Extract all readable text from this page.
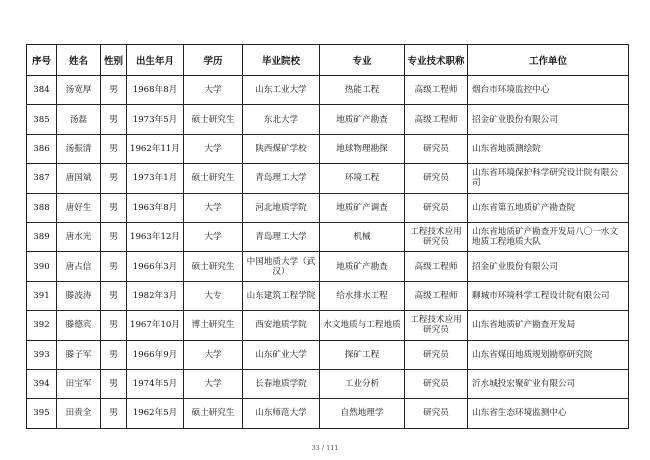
序号	姓名	性别	出生年月	学历	毕业院校	专业	专业技术职称	工作单位
384	汤宽厚	男	1968年8月	大学	山东工业大学	热能工程	高级工程师	烟台市环境监控中心
385	汤磊	男	1973年5月	硕士研究生	东北大学	地质矿产勘查	高级工程师	招金矿业股份有限公司
386	汤振清	男	1962年11月	大学	陕西煤矿学校	地球物理勘探	研究员	山东省地质测绘院
387	唐国斌	男	1973年1月	硕士研究生	青岛理工大学	环境工程	研究员	山东省环境保护科学研究设计院有限公司
388	唐好生	男	1963年8月	大学	河北地质学院	地质矿产调查	研究员	山东省第五地质矿产勘查院
389	唐水光	男	1963年12月	大学	青岛理工大学	机械	工程技术应用研究员	山东省地质矿产勘查开发局八〇一水文地质工程地质大队
390	唐占信	男	1966年3月	硕士研究生	中国地质大学（武汉）	地质矿产勘查	高级工程师	招金矿业股份有限公司
391	滕波涛	男	1982年3月	大专	山东建筑工程学院	给水排水工程	高级工程师	聊城市环境科学工程设计院有限公司
392	滕德宾	男	1967年10月	博士研究生	西安地质学院	水文地质与工程地质	工程技术应用研究员	山东省地质矿产勘查开发局
393	滕子军	男	1966年9月	大学	山东矿业大学	探矿工程	研究员	山东省煤田地质规划勘察研究院
394	田宝军	男	1974年5月	大学	长春地质学院	工业分析	研究员	沂水城投宏聚矿业有限公司
395	田贵全	男	1962年5月	硕士研究生	山东师范大学	自然地理学	研究员	山东省生态环境监测中心
33 / 111
